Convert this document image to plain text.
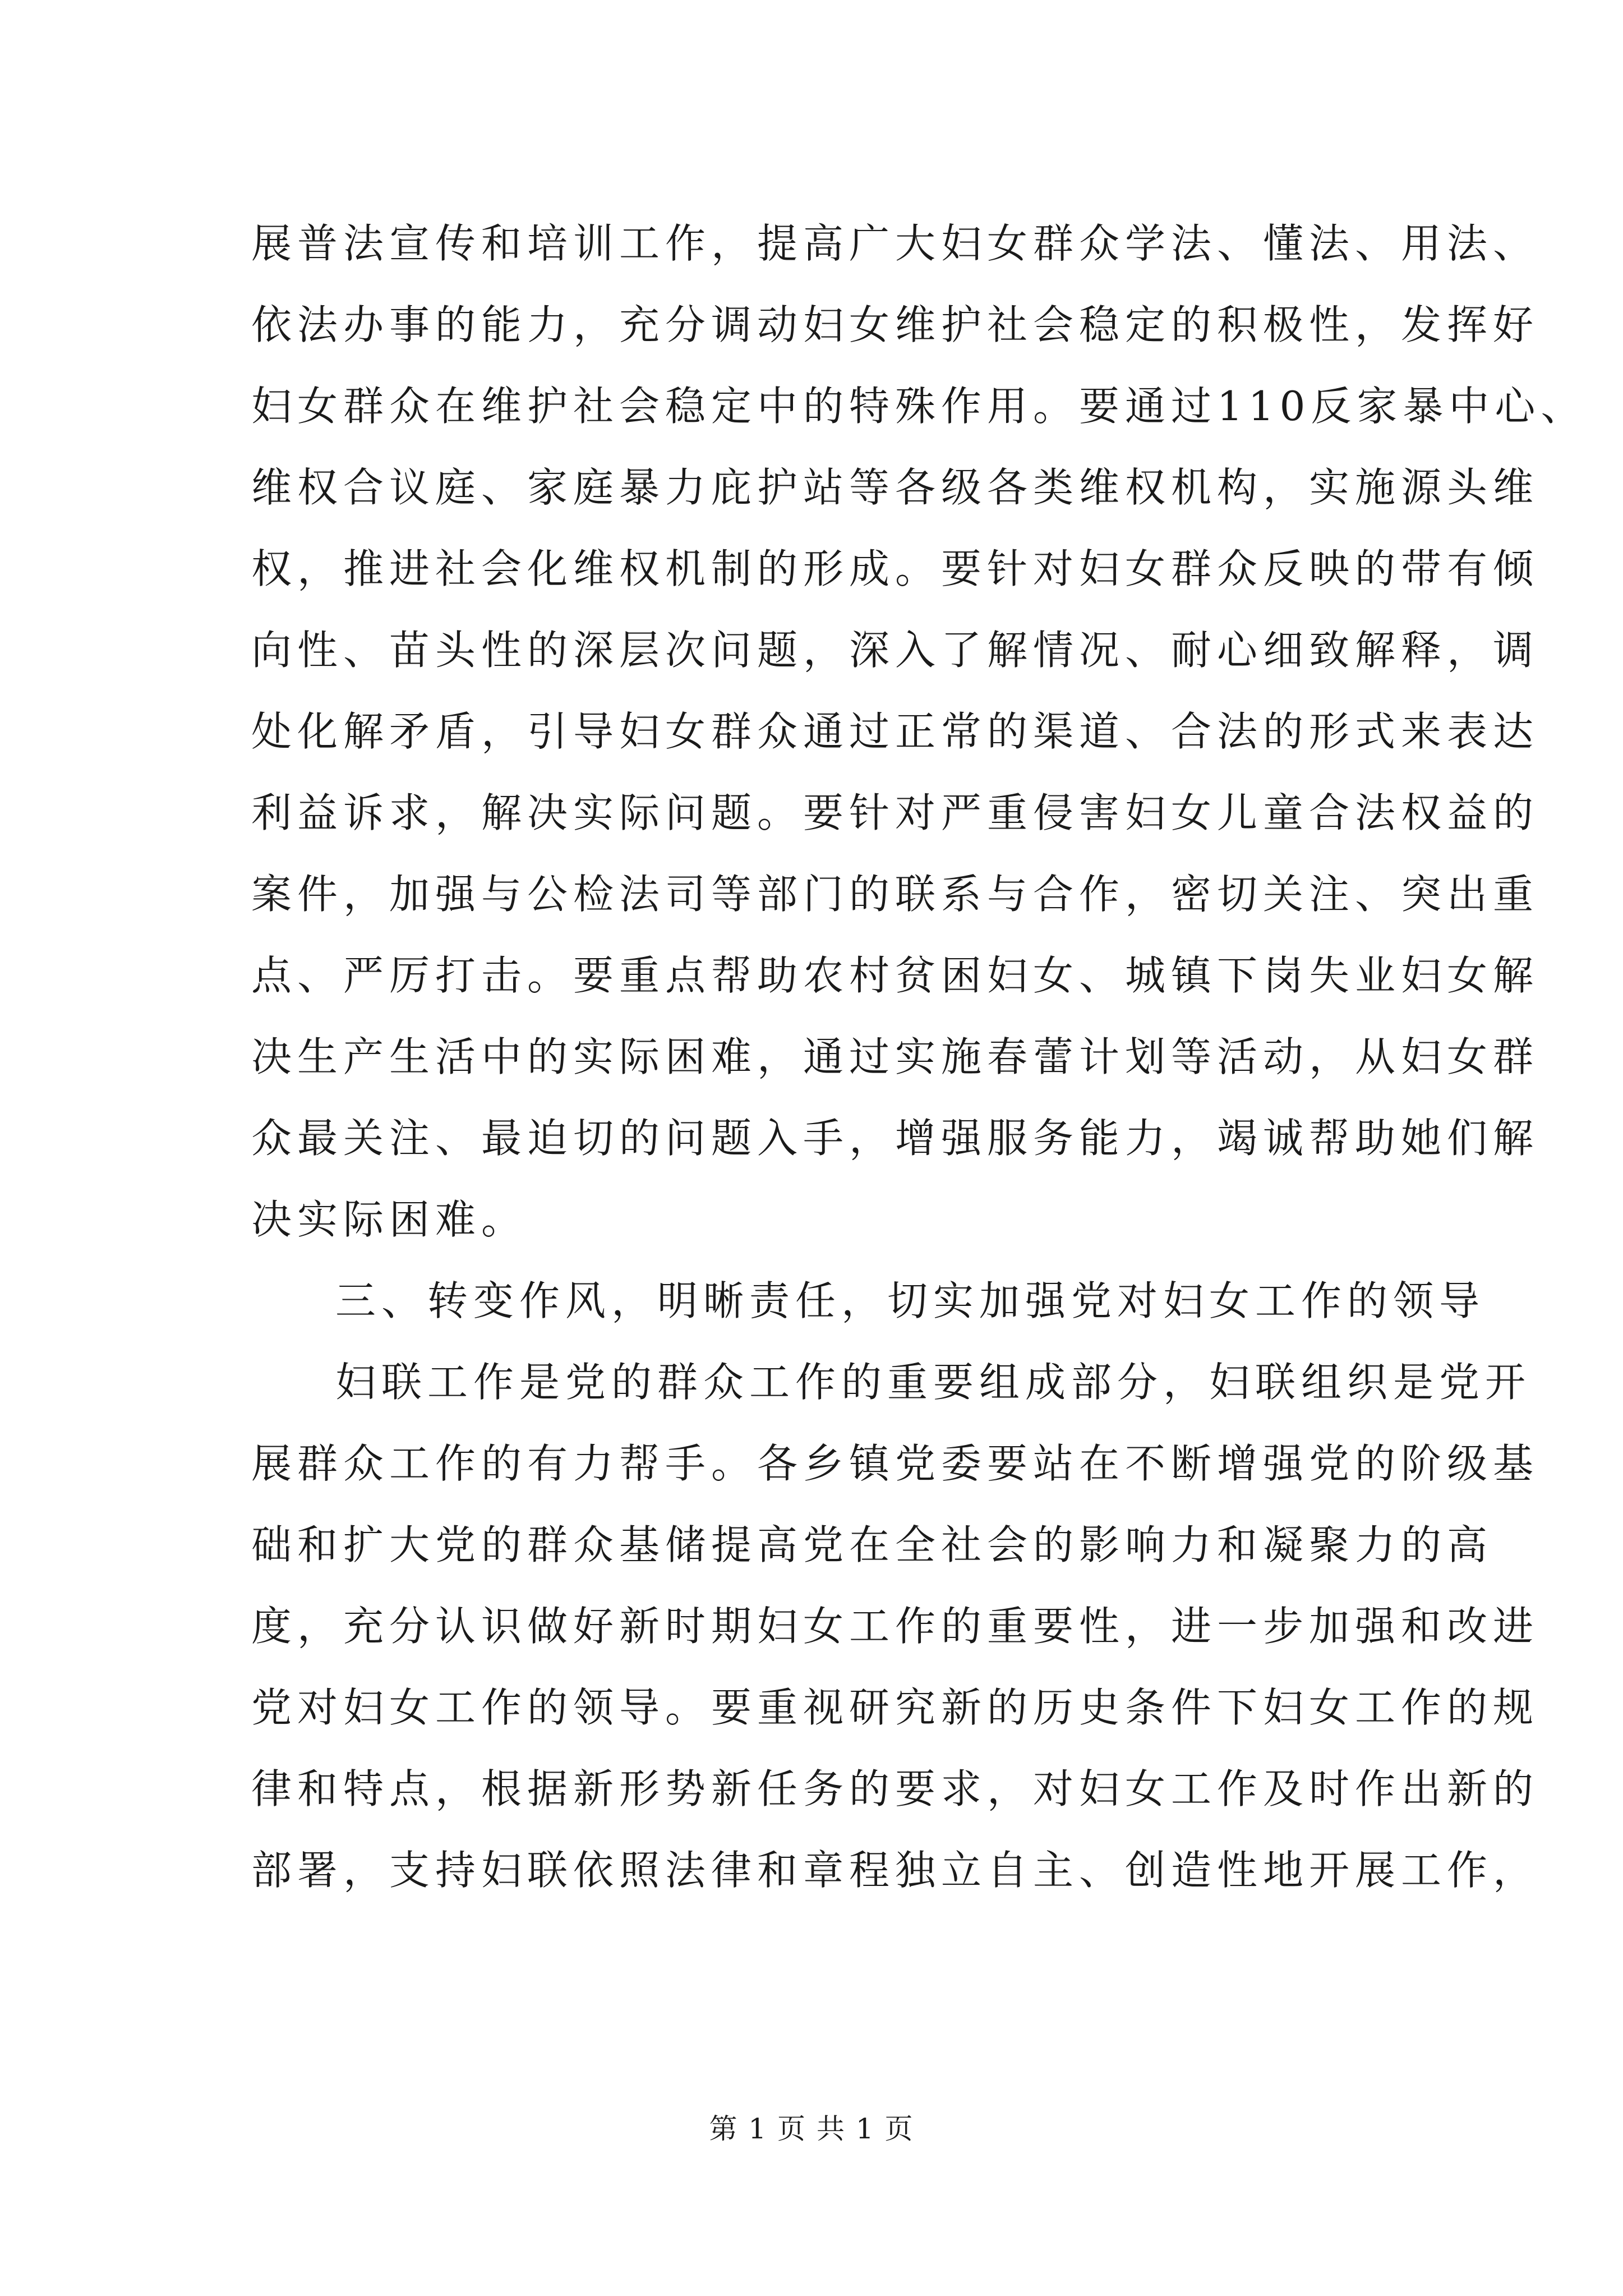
展普法宣传和培训工作，提高广大妇女群众学法、懂法、用法、
依法办事的能力，充分调动妇女维护社会稳定的积极性，发挥好
妇女群众在维护社会稳定中的特殊作用。要通过110反家暴中心、
维权合议庭、家庭暴力庇护站等各级各类维权机构，实施源头维
权，推进社会化维权机制的形成。要针对妇女群众反映的带有倾
向性、苗头性的深层次问题，深入了解情况、耐心细致解释，调
处化解矛盾，引导妇女群众通过正常的渠道、合法的形式来表达
利益诉求，解决实际问题。要针对严重侵害妇女儿童合法权益的
案件，加强与公检法司等部门的联系与合作，密切关注、突出重
点、严厉打击。要重点帮助农村贫困妇女、城镇下岗失业妇女解
决生产生活中的实际困难，通过实施春蕾计划等活动，从妇女群
众最关注、最迫切的问题入手，增强服务能力，竭诚帮助她们解
决实际困难。
三、转变作风，明晰责任，切实加强党对妇女工作的领导
妇联工作是党的群众工作的重要组成部分，妇联组织是党开
展群众工作的有力帮手。各乡镇党委要站在不断增强党的阶级基
础和扩大党的群众基储提高党在全社会的影响力和凝聚力的高
度，充分认识做好新时期妇女工作的重要性，进一步加强和改进
党对妇女工作的领导。要重视研究新的历史条件下妇女工作的规
律和特点，根据新形势新任务的要求，对妇女工作及时作出新的
部署，支持妇联依照法律和章程独立自主、创造性地开展工作，
第 1 页 共 1 页
